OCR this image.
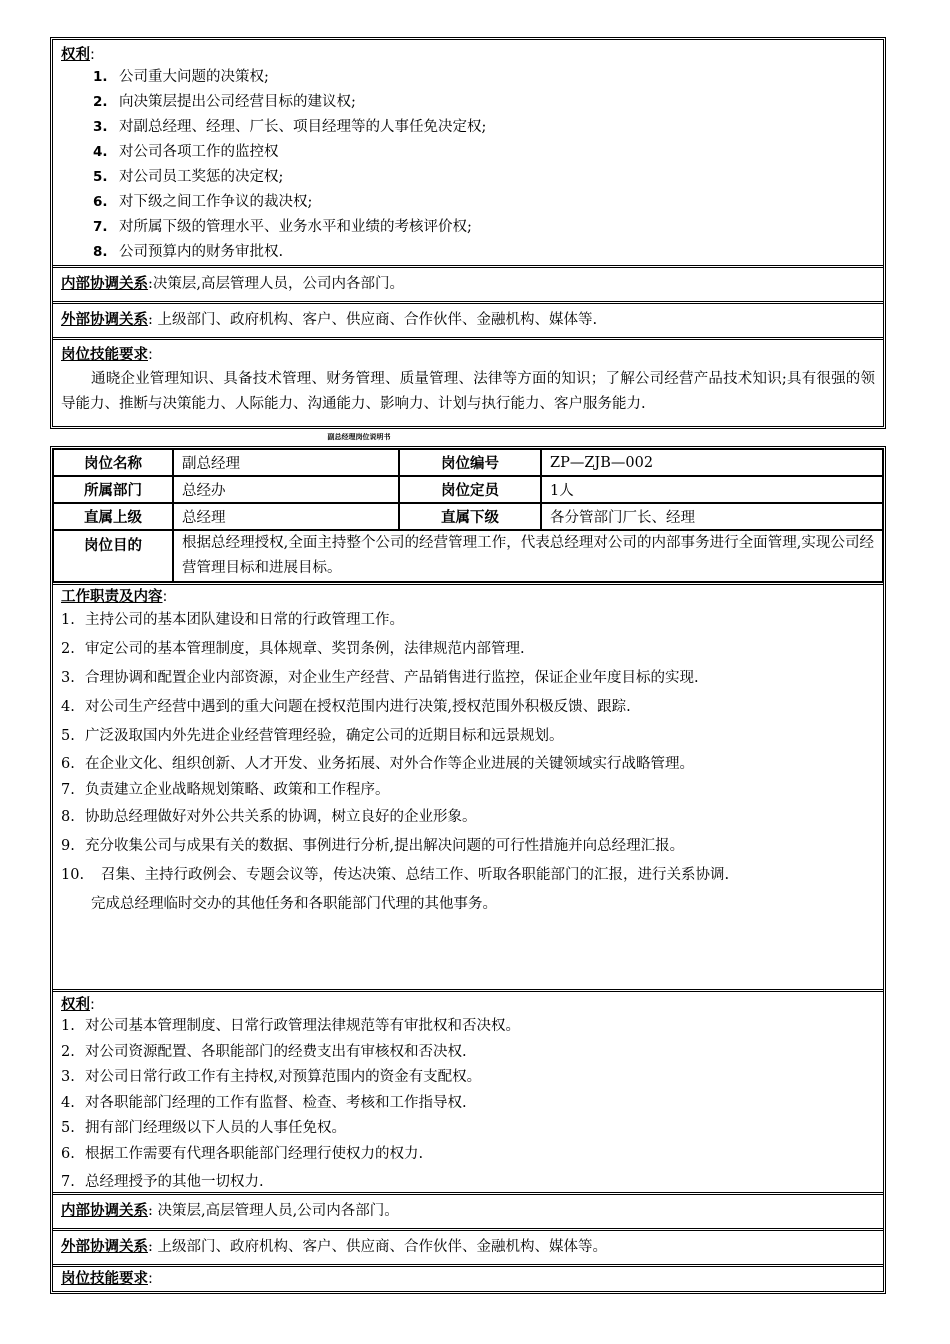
权利:
1. 公司重大问题的决策权;
2. 向决策层提出公司经营目标的建议权;
3. 对副总经理、经理、厂长、项目经理等的人事任免决定权;
4. 对公司各项工作的监控权
5. 对公司员工奖惩的决定权;
6. 对下级之间工作争议的裁决权;
7. 对所属下级的管理水平、业务水平和业绩的考核评价权;
8. 公司预算内的财务审批权.
内部协调关系:决策层,高层管理人员，公司内各部门。
外部协调关系: 上级部门、政府机构、客户、供应商、合作伙伴、金融机构、媒体等.
岗位技能要求:
通晓企业管理知识、具备技术管理、财务管理、质量管理、法律等方面的知识；了解公司经营产品技术知识;具有很强的领导能力、推断与决策能力、人际能力、沟通能力、影响力、计划与执行能力、客户服务能力.
副总经理岗位说明书
岗位名称	副总经理	岗位编号	ZP—ZJB—002
所属部门	总经办	岗位定员	1人
直属上级	总经理	直属下级	各分管部门厂长、经理
岗位目的	根据总经理授权,全面主持整个公司的经营管理工作，代表总经理对公司的内部事务进行全面管理,实现公司经营管理目标和进展目标。		
工作职责及内容:
1. 主持公司的基本团队建设和日常的行政管理工作。
2. 审定公司的基本管理制度，具体规章、奖罚条例，法律规范内部管理.
3. 合理协调和配置企业内部资源，对企业生产经营、产品销售进行监控，保证企业年度目标的实现.
4. 对公司生产经营中遇到的重大问题在授权范围内进行决策,授权范围外积极反馈、跟踪.
5. 广泛汲取国内外先进企业经营管理经验，确定公司的近期目标和远景规划。
6. 在企业文化、组织创新、人才开发、业务拓展、对外合作等企业进展的关键领域实行战略管理。
7. 负责建立企业战略规划策略、政策和工作程序。
8. 协助总经理做好对外公共关系的协调，树立良好的企业形象。
9. 充分收集公司与成果有关的数据、事例进行分析,提出解决问题的可行性措施并向总经理汇报。
10. 召集、主持行政例会、专题会议等，传达决策、总结工作、听取各职能部门的汇报，进行关系协调.
完成总经理临时交办的其他任务和各职能部门代理的其他事务。
权利:
1. 对公司基本管理制度、日常行政管理法律规范等有审批权和否决权。
2. 对公司资源配置、各职能部门的经费支出有审核权和否决权.
3. 对公司日常行政工作有主持权,对预算范围内的资金有支配权。
4. 对各职能部门经理的工作有监督、检查、考核和工作指导权.
5. 拥有部门经理级以下人员的人事任免权。
6. 根据工作需要有代理各职能部门经理行使权力的权力.
7. 总经理授予的其他一切权力.
内部协调关系: 决策层,高层管理人员,公司内各部门。
外部协调关系: 上级部门、政府机构、客户、供应商、合作伙伴、金融机构、媒体等。
岗位技能要求:
